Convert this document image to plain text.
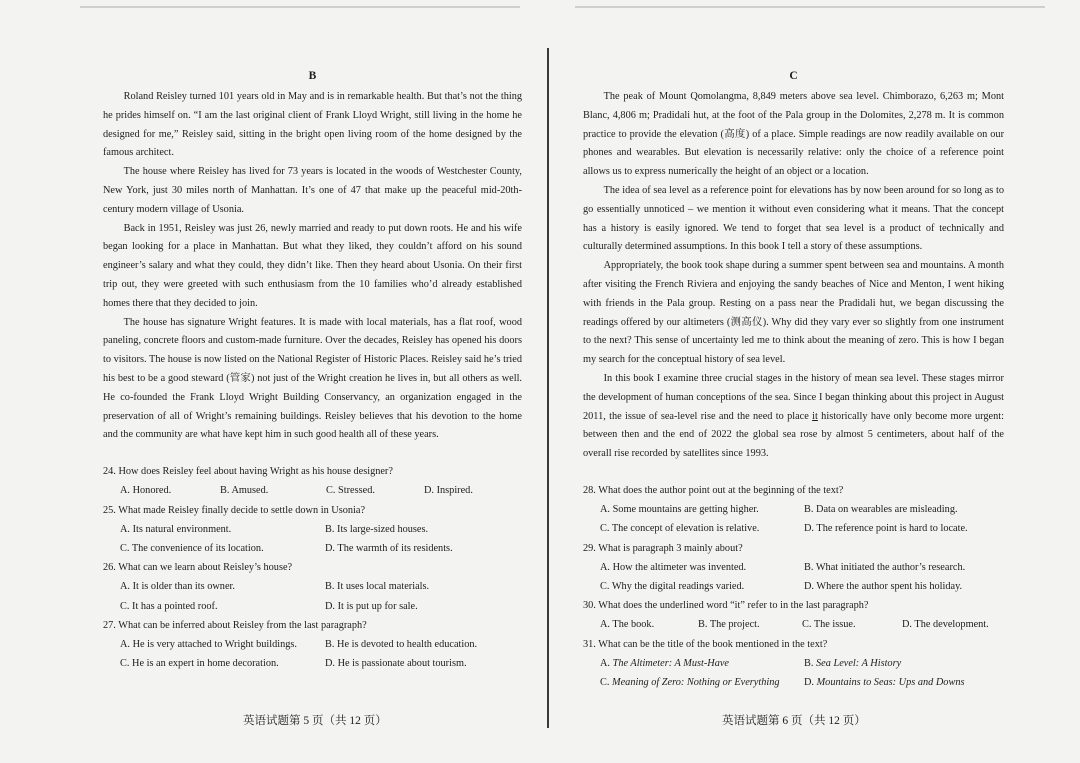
B

Roland Reisley turned 101 years old in May and is in remarkable health. But that’s not the thing he prides himself on. “I am the last original client of Frank Lloyd Wright, still living in the home he designed for me,” Reisley said, sitting in the bright open living room of the home designed by the famous architect.

The house where Reisley has lived for 73 years is located in the woods of Westchester County, New York, just 30 miles north of Manhattan. It’s one of 47 that make up the peaceful mid-20th-century modern village of Usonia.

Back in 1951, Reisley was just 26, newly married and ready to put down roots. He and his wife began looking for a place in Manhattan. But what they liked, they couldn’t afford on his sound engineer’s salary and what they could, they didn’t like. Then they heard about Usonia. On their first trip out, they were greeted with such enthusiasm from the 10 families who’d already established homes there that they decided to join.

The house has signature Wright features. It is made with local materials, has a flat roof, wood paneling, concrete floors and custom-made furniture. Over the decades, Reisley has opened his doors to visitors. The house is now listed on the National Register of Historic Places. Reisley said he’s tried his best to be a good steward (管家) not just of the Wright creation he lives in, but all others as well. He co-founded the Frank Lloyd Wright Building Conservancy, an organization engaged in the preservation of all of Wright’s remaining buildings. Reisley believes that his devotion to the home and the community are what have kept him in such good health all of these years.

24. How does Reisley feel about having Wright as his house designer?
A. Honored.	B. Amused.	C. Stressed.	D. Inspired.
25. What made Reisley finally decide to settle down in Usonia?
A. Its natural environment.	B. Its large-sized houses.
C. The convenience of its location.	D. The warmth of its residents.
26. What can we learn about Reisley’s house?
A. It is older than its owner.	B. It uses local materials.
C. It has a pointed roof.	D. It is put up for sale.
27. What can be inferred about Reisley from the last paragraph?
A. He is very attached to Wright buildings.	B. He is devoted to health education.
C. He is an expert in home decoration.	D. He is passionate about tourism.
英语试题第 5 页（共 12 页）
C

The peak of Mount Qomolangma, 8,849 meters above sea level. Chimborazo, 6,263 m; Mont Blanc, 4,806 m; Pradidali hut, at the foot of the Pala group in the Dolomites, 2,278 m. It is common practice to provide the elevation (高度) of a place. Simple readings are now readily available on our phones and wearables. But elevation is necessarily relative: only the choice of a reference point allows us to express numerically the height of an object or a location.

The idea of sea level as a reference point for elevations has by now been around for so long as to go essentially unnoticed – we mention it without even considering what it means. That the concept has a history is easily ignored. We tend to forget that sea level is a product of technically and culturally determined assumptions. In this book I tell a story of these assumptions.

Appropriately, the book took shape during a summer spent between sea and mountains. A month after visiting the French Riviera and enjoying the sandy beaches of Nice and Menton, I went hiking with friends in the Pala group. Resting on a pass near the Pradidali hut, we began discussing the readings offered by our altimeters (测高仪). Why did they vary ever so slightly from one instrument to the next? This sense of uncertainty led me to think about the meaning of zero. This is how I began my search for the conceptual history of sea level.

In this book I examine three crucial stages in the history of mean sea level. These stages mirror the development of human conceptions of the sea. Since I began thinking about this project in August 2011, the issue of sea-level rise and the need to place it historically have only become more urgent: between then and the end of 2022 the global sea rose by almost 5 centimeters, about half of the overall rise recorded by satellites since 1993.

28. What does the author point out at the beginning of the text?
A. Some mountains are getting higher.	B. Data on wearables are misleading.
C. The concept of elevation is relative.	D. The reference point is hard to locate.
29. What is paragraph 3 mainly about?
A. How the altimeter was invented.	B. What initiated the author’s research.
C. Why the digital readings varied.	D. Where the author spent his holiday.
30. What does the underlined word “it” refer to in the last paragraph?
A. The book.	B. The project.	C. The issue.	D. The development.
31. What can be the title of the book mentioned in the text?
A. The Altimeter: A Must-Have	B. Sea Level: A History
C. Meaning of Zero: Nothing or Everything	D. Mountains to Seas: Ups and Downs
英语试题第 6 页（共 12 页）
